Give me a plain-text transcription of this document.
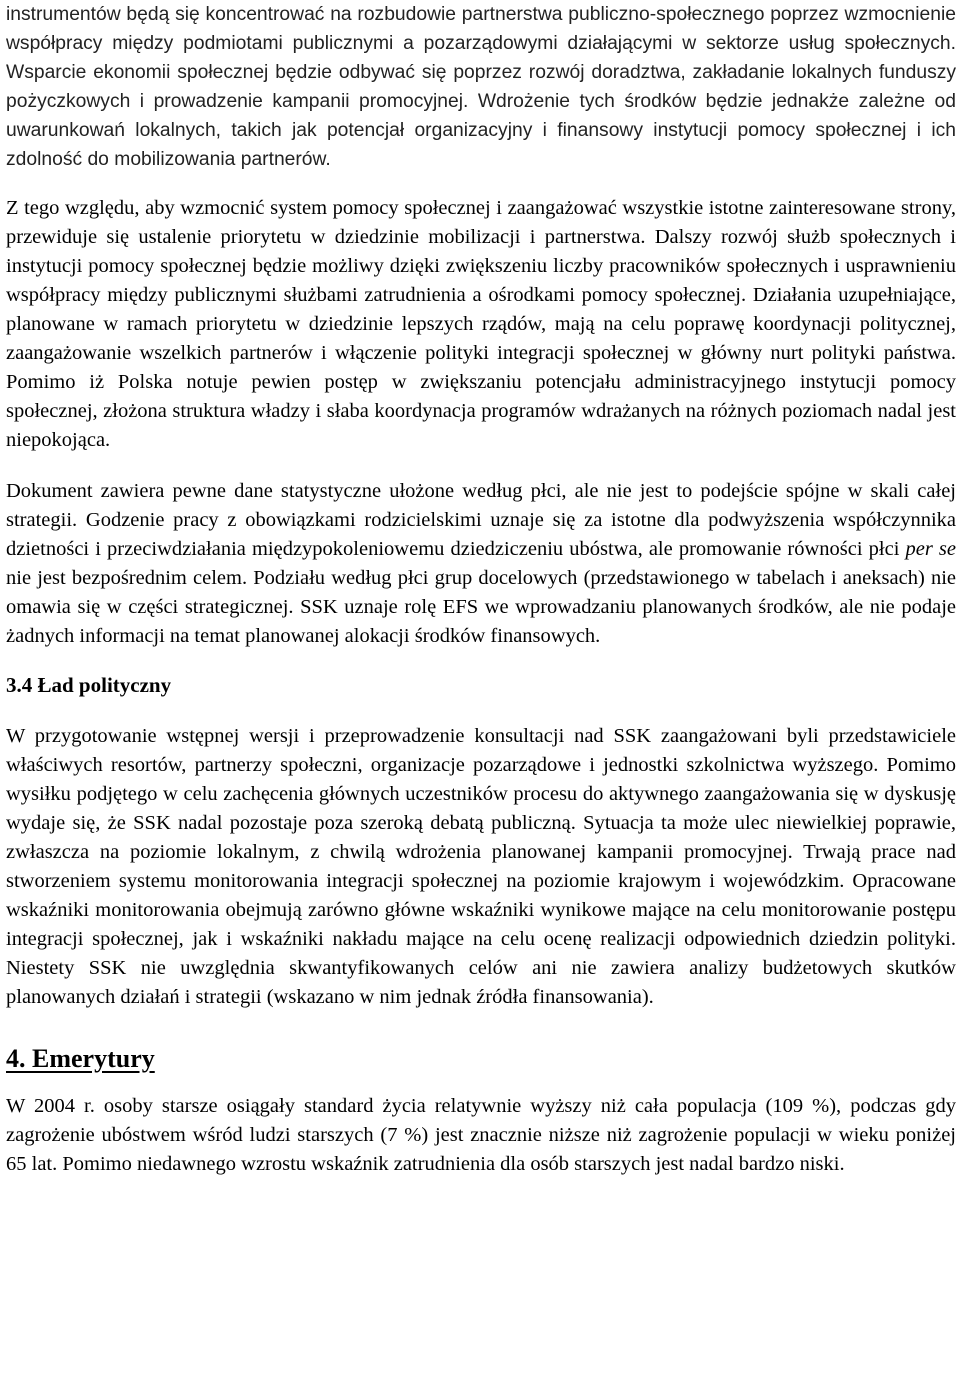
instrumentów będą się koncentrować na rozbudowie partnerstwa publiczno-społecznego poprzez wzmocnienie współpracy między podmiotami publicznymi a pozarządowymi działającymi w sektorze usług społecznych. Wsparcie ekonomii społecznej będzie odbywać się poprzez rozwój doradztwa, zakładanie lokalnych funduszy pożyczkowych i prowadzenie kampanii promocyjnej. Wdrożenie tych środków będzie jednakże zależne od uwarunkowań lokalnych, takich jak potencjał organizacyjny i finansowy instytucji pomocy społecznej i ich zdolność do mobilizowania partnerów.

Z tego względu, aby wzmocnić system pomocy społecznej i zaangażować wszystkie istotne zainteresowane strony, przewiduje się ustalenie priorytetu w dziedzinie mobilizacji i partnerstwa. Dalszy rozwój służb społecznych i instytucji pomocy społecznej będzie możliwy dzięki zwiększeniu liczby pracowników społecznych i usprawnieniu współpracy między publicznymi służbami zatrudnienia a ośrodkami pomocy społecznej. Działania uzupełniające, planowane w ramach priorytetu w dziedzinie lepszych rządów, mają na celu poprawę koordynacji politycznej, zaangażowanie wszelkich partnerów i włączenie polityki integracji społecznej w główny nurt polityki państwa. Pomimo iż Polska notuje pewien postęp w zwiększaniu potencjału administracyjnego instytucji pomocy społecznej, złożona struktura władzy i słaba koordynacja programów wdrażanych na różnych poziomach nadal jest niepokojąca.

Dokument zawiera pewne dane statystyczne ułożone według płci, ale nie jest to podejście spójne w skali całej strategii. Godzenie pracy z obowiązkami rodzicielskimi uznaje się za istotne dla podwyższenia współczynnika dzietności i przeciwdziałania międzypokoleniowemu dziedziczeniu ubóstwa, ale promowanie równości płci per se nie jest bezpośrednim celem. Podziału według płci grup docelowych (przedstawionego w tabelach i aneksach) nie omawia się w części strategicznej. SSK uznaje rolę EFS we wprowadzaniu planowanych środków, ale nie podaje żadnych informacji na temat planowanej alokacji środków finansowych.

3.4 Ład polityczny

W przygotowanie wstępnej wersji i przeprowadzenie konsultacji nad SSK zaangażowani byli przedstawiciele właściwych resortów, partnerzy społeczni, organizacje pozarządowe i jednostki szkolnictwa wyższego. Pomimo wysiłku podjętego w celu zachęcenia głównych uczestników procesu do aktywnego zaangażowania się w dyskusję wydaje się, że SSK nadal pozostaje poza szeroką debatą publiczną. Sytuacja ta może ulec niewielkiej poprawie, zwłaszcza na poziomie lokalnym, z chwilą wdrożenia planowanej kampanii promocyjnej. Trwają prace nad stworzeniem systemu monitorowania integracji społecznej na poziomie krajowym i wojewódzkim. Opracowane wskaźniki monitorowania obejmują zarówno główne wskaźniki wynikowe mające na celu monitorowanie postępu integracji społecznej, jak i wskaźniki nakładu mające na celu ocenę realizacji odpowiednich dziedzin polityki. Niestety SSK nie uwzględnia skwantyfikowanych celów ani nie zawiera analizy budżetowych skutków planowanych działań i strategii (wskazano w nim jednak źródła finansowania).

4. Emerytury

W 2004 r. osoby starsze osiągały standard życia relatywnie wyższy niż cała populacja (109 %), podczas gdy zagrożenie ubóstwem wśród ludzi starszych (7 %) jest znacznie niższe niż zagrożenie populacji w wieku poniżej 65 lat. Pomimo niedawnego wzrostu wskaźnik zatrudnienia dla osób starszych jest nadal bardzo niski.
